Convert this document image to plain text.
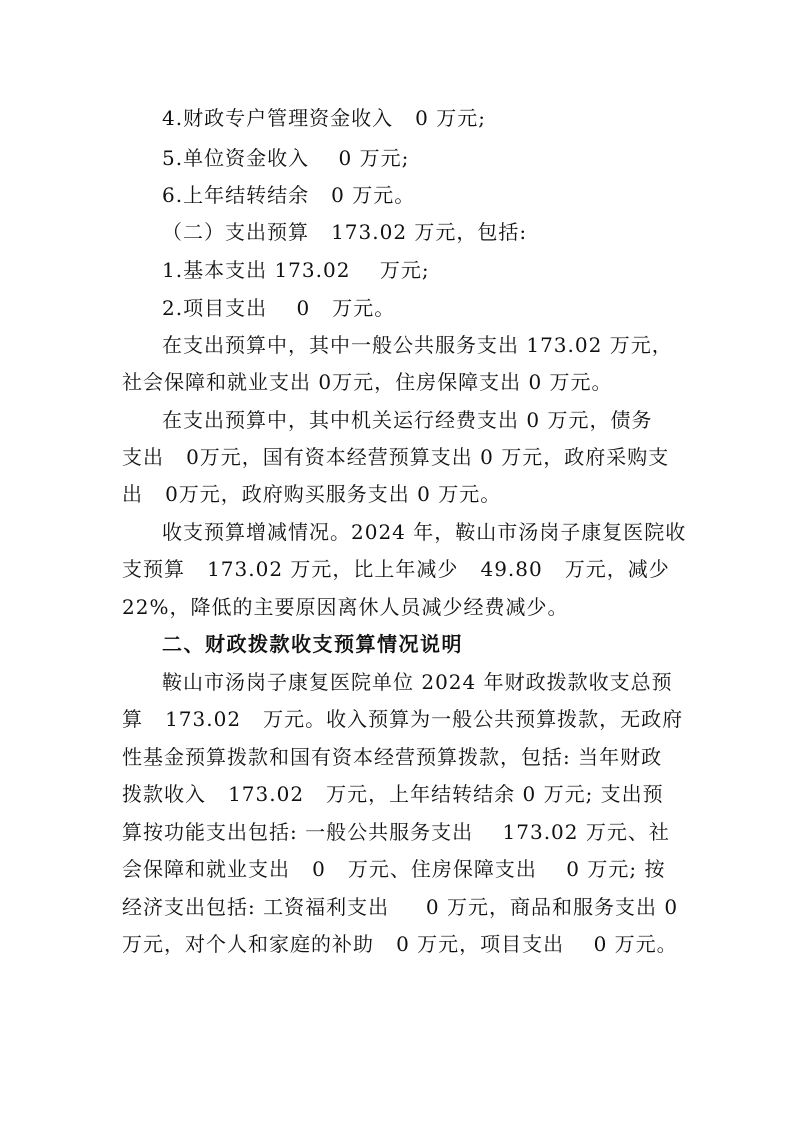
4.财政专户管理资金收入   0 万元;
5.单位资金收入    0 万元;
6.上年结转结余   0 万元。
（二）支出预算   173.02 万元，包括:
1.基本支出 173.02    万元;
2.项目支出    0   万元。
在支出预算中，其中一般公共服务支出 173.02 万元，
社会保障和就业支出 0万元，住房保障支出 0 万元。
在支出预算中，其中机关运行经费支出 0 万元，债务
支出   0万元，国有资本经营预算支出 0 万元，政府采购支
出   0万元，政府购买服务支出 0 万元。
收支预算增减情况。2024 年，鞍山市汤岗子康复医院收
支预算   173.02 万元，比上年减少   49.80   万元，减少
22%，降低的主要原因离休人员减少经费减少。
二、财政拨款收支预算情况说明
鞍山市汤岗子康复医院单位 2024 年财政拨款收支总预
算   173.02   万元。收入预算为一般公共预算拨款，无政府
性基金预算拨款和国有资本经营预算拨款，包括: 当年财政
拨款收入   173.02   万元，上年结转结余 0 万元; 支出预
算按功能支出包括: 一般公共服务支出    173.02 万元、社
会保障和就业支出   0   万元、住房保障支出    0 万元; 按
经济支出包括: 工资福利支出     0 万元，商品和服务支出 0
万元，对个人和家庭的补助   0 万元，项目支出    0 万元。
